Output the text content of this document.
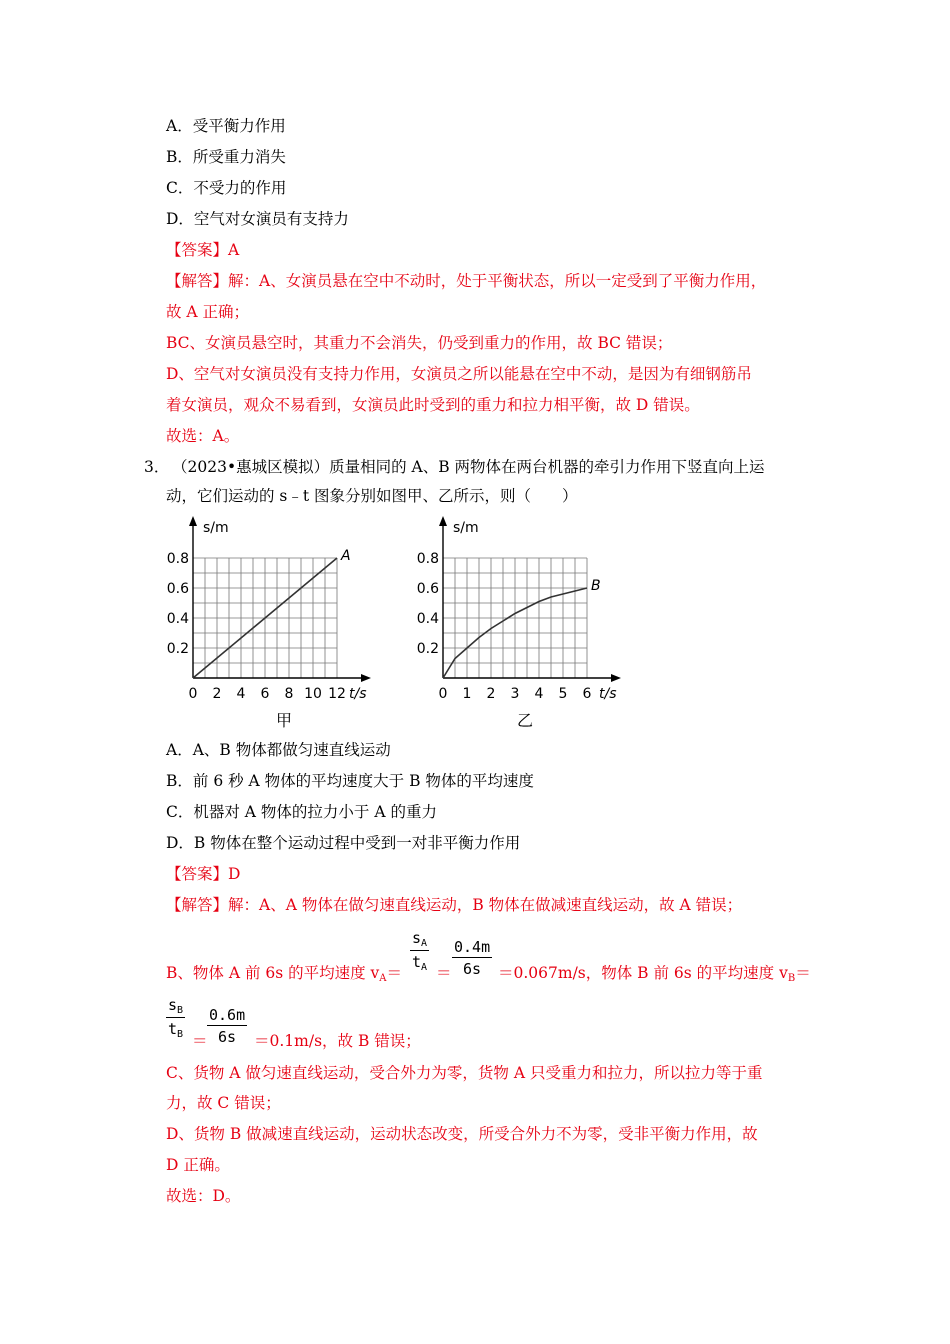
A．受平衡力作用
B．所受重力消失
C．不受力的作用
D．空气对女演员有支持力
【答案】A
【解答】解：A、女演员悬在空中不动时，处于平衡状态，所以一定受到了平衡力作用，
故 A 正确；
BC、女演员悬空时，其重力不会消失，仍受到重力的作用，故 BC 错误；
D、空气对女演员没有支持力作用，女演员之所以能悬在空中不动，是因为有细钢筋吊
着女演员，观众不易看到，女演员此时受到的重力和拉力相平衡，故 D 错误。
故选：A。
3． （2023•惠城区模拟）质量相同的 A、B 两物体在两台机器的牵引力作用下竖直向上运
动，它们运动的 s﹣t 图象分别如图甲、乙所示，则（　　）
0 2 4 6 8 10 12
0.2
0.4
0.6
0.8
s/m
t/s
A
甲
0 1 2 3 4 5 6
0.2
0.4
0.6
0.8
s/m
t/s
B
乙
A．A、B 物体都做匀速直线运动
B．前 6 秒 A 物体的平均速度大于 B 物体的平均速度
C．机器对 A 物体的拉力小于 A 的重力
D．B 物体在整个运动过程中受到一对非平衡力作用
【答案】D
【解答】解：A、A 物体在做匀速直线运动，B 物体在做减速直线运动，故 A 错误；
B、物体 A 前 6s 的平均速度 $v_A= \frac{s_A}{t_A} = \frac{0.4m}{6s} =0.067m/s$，物体 B 前 6s 的平均速度 $v_B=$
$\frac{s_B}{t_B}$
＝ $\frac{0.6m}{6s} =0.1m/s$，故 B 错误；
C、货物 A 做匀速直线运动，受合外力为零，货物 A 只受重力和拉力，所以拉力等于重
力，故 C 错误；
D、货物 B 做减速直线运动，运动状态改变，所受合外力不为零，受非平衡力作用，故
D 正确。
故选：D。
